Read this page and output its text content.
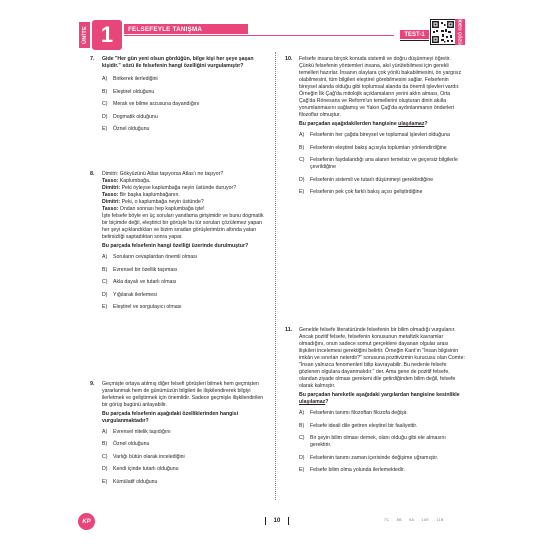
ÜNİTE 1	FELSEFEYLE TANIŞMA
TEST-1	VİDEO ÇÖZÜM
7. Gide "Her gün yeni olsun gördüğün, bilge kişi her şeye şaşan kişidir." sözü ile felsefenin hangi özelliğini vurgulamıştır?

A)	Birikerek ilerlediğini
B)	Eleştirel olduğunu
C)	Merak ve bilme arzusuna dayandığını
D)	Dogmatik olduğunu
E)	Öznel olduğunu
8. Dimitri: Gökyüzünü Atlas taşıyorsa Atlas'ı ne taşıyor?

Tasso: Kaplumbağa.

Dimitri: Peki öyleyse kaplumbağa neyin üstünde duruyor?

Tasso: Bir başka kaplumbağanın.

Dimitri: Peki, o kaplumbağa neyin üstünde?

Tasso: Ondan sonrası hep kaplumbağa işte!

İşte felsefe böyle en üç soruları yanıtlama girişimidir ve bunu dogmatik bir biçimde değil, eleştirici bir görüşle bu tür soruları çözülemez yapan her şeyi açıklandıkları ve bizim sıradan görüşlerimizin altında yatan belirsizliği saptadıktan sonra yapar.

Bu parçada felsefenin hangi özelliği üzerinde durulmuştur?

A)	Soruların cevaplardan önemli olması
B)	Evrensel bir özellik taşıması
C)	Akla dayalı ve tutarlı olması
D)	Yığılarak ilerlemesi
E)	Eleştirel ve sorgulayıcı olması
9. Geçmişte ortaya atılmış diğer felsefi görüşleri bilmek hem geçmişten yararlanmak hem de günümüzün bilgileri ile ilişkilendirerek bilgiyi ilerletmek ve geliştirmek için önemlidir. Sadece geçmişle ilişkilendirilen bir görüş bugünü anlayabilir.

Bu parçada felsefenin aşağıdaki özelliklerinden hangisi vurgulanmaktadır?

A)	Evrensel nitelik taşıdığını
B)	Öznel olduğunu
C)	Varlığı bütün olarak incelediğini
D)	Kendi içinde tutarlı olduğunu
E)	Kümülatif olduğunu
10. Felsefe insana birçok konuda sistemli ve doğru düşünmeyi öğretir. Çünkü felsefenin yöntemleri insana, akıl yürütebilmesi için gerekli temelleri hazırlar. İnsanın olaylara çok yönlü bakabilmesini, ön yargısız olabilmesini, tüm bilgileri eleştirel görebilmesini sağlar. Felsefenin bireysel alanda olduğu gibi toplumsal alanda da önemli işlevleri vardır. Örneğin İlk Çağ'da mitolojik açıklamaların yerini aklın alması, Orta Çağ'da Rönesans ve Reform'un temellerini oluşturan dinin akılla yorumlanmasını sağlamış ve Yakın Çağ'da aydınlanmanın önderleri filozoflar olmuştur.

Bu parçadan aşağıdakilerden hangisine ulaşılamaz?

A)	Felsefenin her çağda bireysel ve toplumsal işlevleri olduğuna
B)	Felsefenin eleştirel bakış açısıyla toplumları yönlendirdiğine
C)	Felsefenin faydalandığı ana alanın temelsiz ve geçersiz bilgilerle çevrildiğine
D)	Felsefenin sistemli ve tutarlı düşünmeyi gerektirdiğine
E)	Felsefenin pek çok farklı bakış açısı geliştirdiğine
11. Genelde felsefe literatüründe felsefenin bir bilim olmadığı vurgulanır. Ancak pozitif felsefe, felsefenin konusunun metafizik kavramlar olmadığını, onun sadece somut gerçeklere dayanan olgular arası ilişkileri incelemesi gerektiğini belirtir. Örneğin Kant'ın "İnsan bilgisinin imkân ve sınırları nelerdir?" sorusuna pozitivizmin kurucusu olan Comte: "İnsan yalnızca fenomenleri bilip kavrayabilir. Bu nedenle felsefe gözlenen olgulara dayanmalıdır." der. Ama gene de pozitif felsefe, olandan ziyade olması gerekeni dile getirdiğinden bilim değil, felsefe olarak kalmıştır.

Bu parçadan hareketle aşağıdaki yargılardan hangisine kesinlikle ulaşılamaz?

A)	Felsefenin tanımı filozoftan filozofa değişir.
B)	Felsefe ideali dile getiren eleştirel bir faaliyettir.
C)	Bir şeyin bilim olması demek, olanı olduğu gibi ele almasını gerektirir.
D)	Felsefenin tanımı zaman içerisinde değişime uğramıştır.
E)	Felsefe bilim olma yolunda ilerlemektedir.
KP	10	7C 8B 9A 10E 11B
